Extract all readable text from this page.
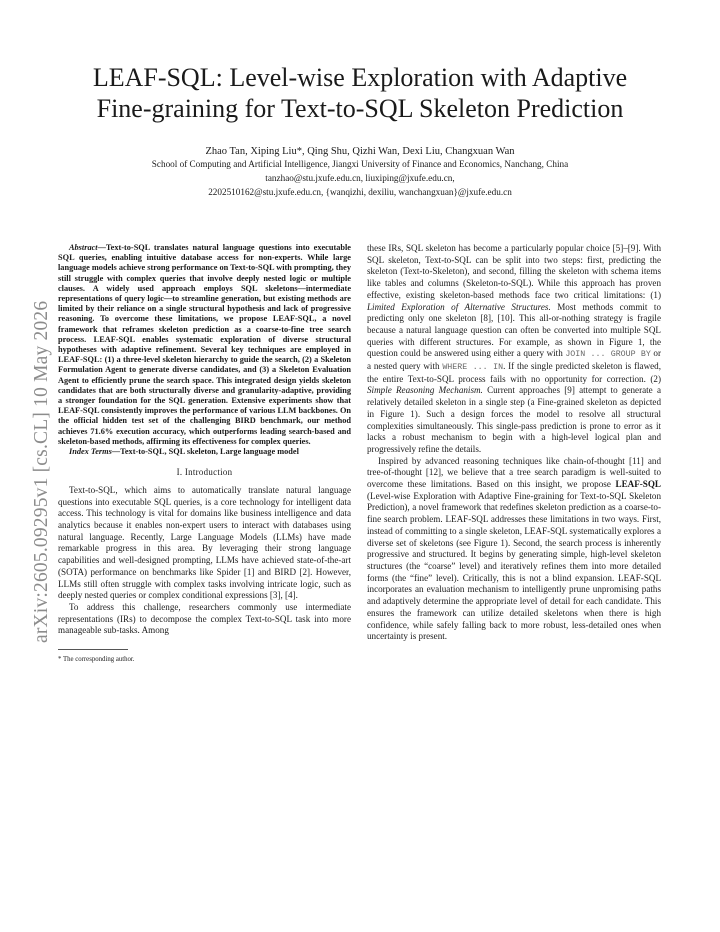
arXiv:2605.09295v1 [cs.CL] 10 May 2026
LEAF-SQL: Level-wise Exploration with Adaptive
Fine-graining for Text-to-SQL Skeleton Prediction
Zhao Tan, Xiping Liu*, Qing Shu, Qizhi Wan, Dexi Liu, Changxuan Wan
School of Computing and Artificial Intelligence, Jiangxi University of Finance and Economics, Nanchang, China
tanzhao@stu.jxufe.edu.cn, liuxiping@jxufe.edu.cn,
2202510162@stu.jxufe.edu.cn, {wanqizhi, dexiliu, wanchangxuan}@jxufe.edu.cn

Abstract—Text-to-SQL translates natural language questions into executable SQL queries, enabling intuitive database access for non-experts. While large language models achieve strong performance on Text-to-SQL with prompting, they still struggle with complex queries that involve deeply nested logic or multiple clauses. A widely used approach employs SQL skeletons—intermediate representations of query logic—to streamline generation, but existing methods are limited by their reliance on a single structural hypothesis and lack of progressive reasoning. To overcome these limitations, we propose LEAF-SQL, a novel framework that reframes skeleton prediction as a coarse-to-fine tree search process. LEAF-SQL enables systematic exploration of diverse structural hypotheses with adaptive refinement. Several key techniques are employed in LEAF-SQL: (1) a three-level skeleton hierarchy to guide the search, (2) a Skeleton Formulation Agent to generate diverse candidates, and (3) a Skeleton Evaluation Agent to efficiently prune the search space. This integrated design yields skeleton candidates that are both structurally diverse and granularity-adaptive, providing a stronger foundation for the SQL generation. Extensive experiments show that LEAF-SQL consistently improves the performance of various LLM backbones. On the official hidden test set of the challenging BIRD benchmark, our method achieves 71.6% execution accuracy, which outperforms leading search-based and skeleton-based methods, affirming its effectiveness for complex queries.

Index Terms—Text-to-SQL, SQL skeleton, Large language model

I. Introduction

Text-to-SQL, which aims to automatically translate natural language questions into executable SQL queries, is a core technology for intelligent data access. This technology is vital for domains like business intelligence and data analytics because it enables non-expert users to interact with databases using natural language. Recently, Large Language Models (LLMs) have made remarkable progress in this area. By leveraging their strong language capabilities and well-designed prompting, LLMs have achieved state-of-the-art (SOTA) performance on benchmarks like Spider [1] and BIRD [2]. However, LLMs still often struggle with complex tasks involving intricate logic, such as deeply nested queries or complex conditional expressions [3], [4].

To address this challenge, researchers commonly use intermediate representations (IRs) to decompose the complex Text-to-SQL task into more manageable sub-tasks. Among

* The corresponding author.

these IRs, SQL skeleton has become a particularly popular choice [5]–[9]. With SQL skeleton, Text-to-SQL can be split into two steps: first, predicting the skeleton (Text-to-Skeleton), and second, filling the skeleton with schema items like tables and columns (Skeleton-to-SQL). While this approach has proven effective, existing skeleton-based methods face two critical limitations: (1) Limited Exploration of Alternative Structures. Most methods commit to predicting only one skeleton [8], [10]. This all-or-nothing strategy is fragile because a natural language question can often be converted into multiple SQL queries with different structures. For example, as shown in Figure 1, the question could be answered using either a query with JOIN ... GROUP BY or a nested query with WHERE ... IN. If the single predicted skeleton is flawed, the entire Text-to-SQL process fails with no opportunity for correction. (2) Simple Reasoning Mechanism. Current approaches [9] attempt to generate a relatively detailed skeleton in a single step (a Fine-grained skeleton as depicted in Figure 1). Such a design forces the model to resolve all structural complexities simultaneously. This single-pass prediction is prone to error as it lacks a robust mechanism to begin with a high-level logical plan and progressively refine the details.

Inspired by advanced reasoning techniques like chain-of-thought [11] and tree-of-thought [12], we believe that a tree search paradigm is well-suited to overcome these limitations. Based on this insight, we propose LEAF-SQL (Level-wise Exploration with Adaptive Fine-graining for Text-to-SQL Skeleton Prediction), a novel framework that redefines skeleton prediction as a coarse-to-fine search problem. LEAF-SQL addresses these limitations in two ways. First, instead of committing to a single skeleton, LEAF-SQL systematically explores a diverse set of skeletons (see Figure 1). Second, the search process is inherently progressive and structured. It begins by generating simple, high-level skeleton structures (the “coarse” level) and iteratively refines them into more detailed forms (the “fine” level). Critically, this is not a blind expansion. LEAF-SQL incorporates an evaluation mechanism to intelligently prune unpromising paths and adaptively determine the appropriate level of detail for each candidate. This ensures the framework can utilize detailed skeletons when there is high confidence, while safely falling back to more robust, less-detailed ones when uncertainty is present.
